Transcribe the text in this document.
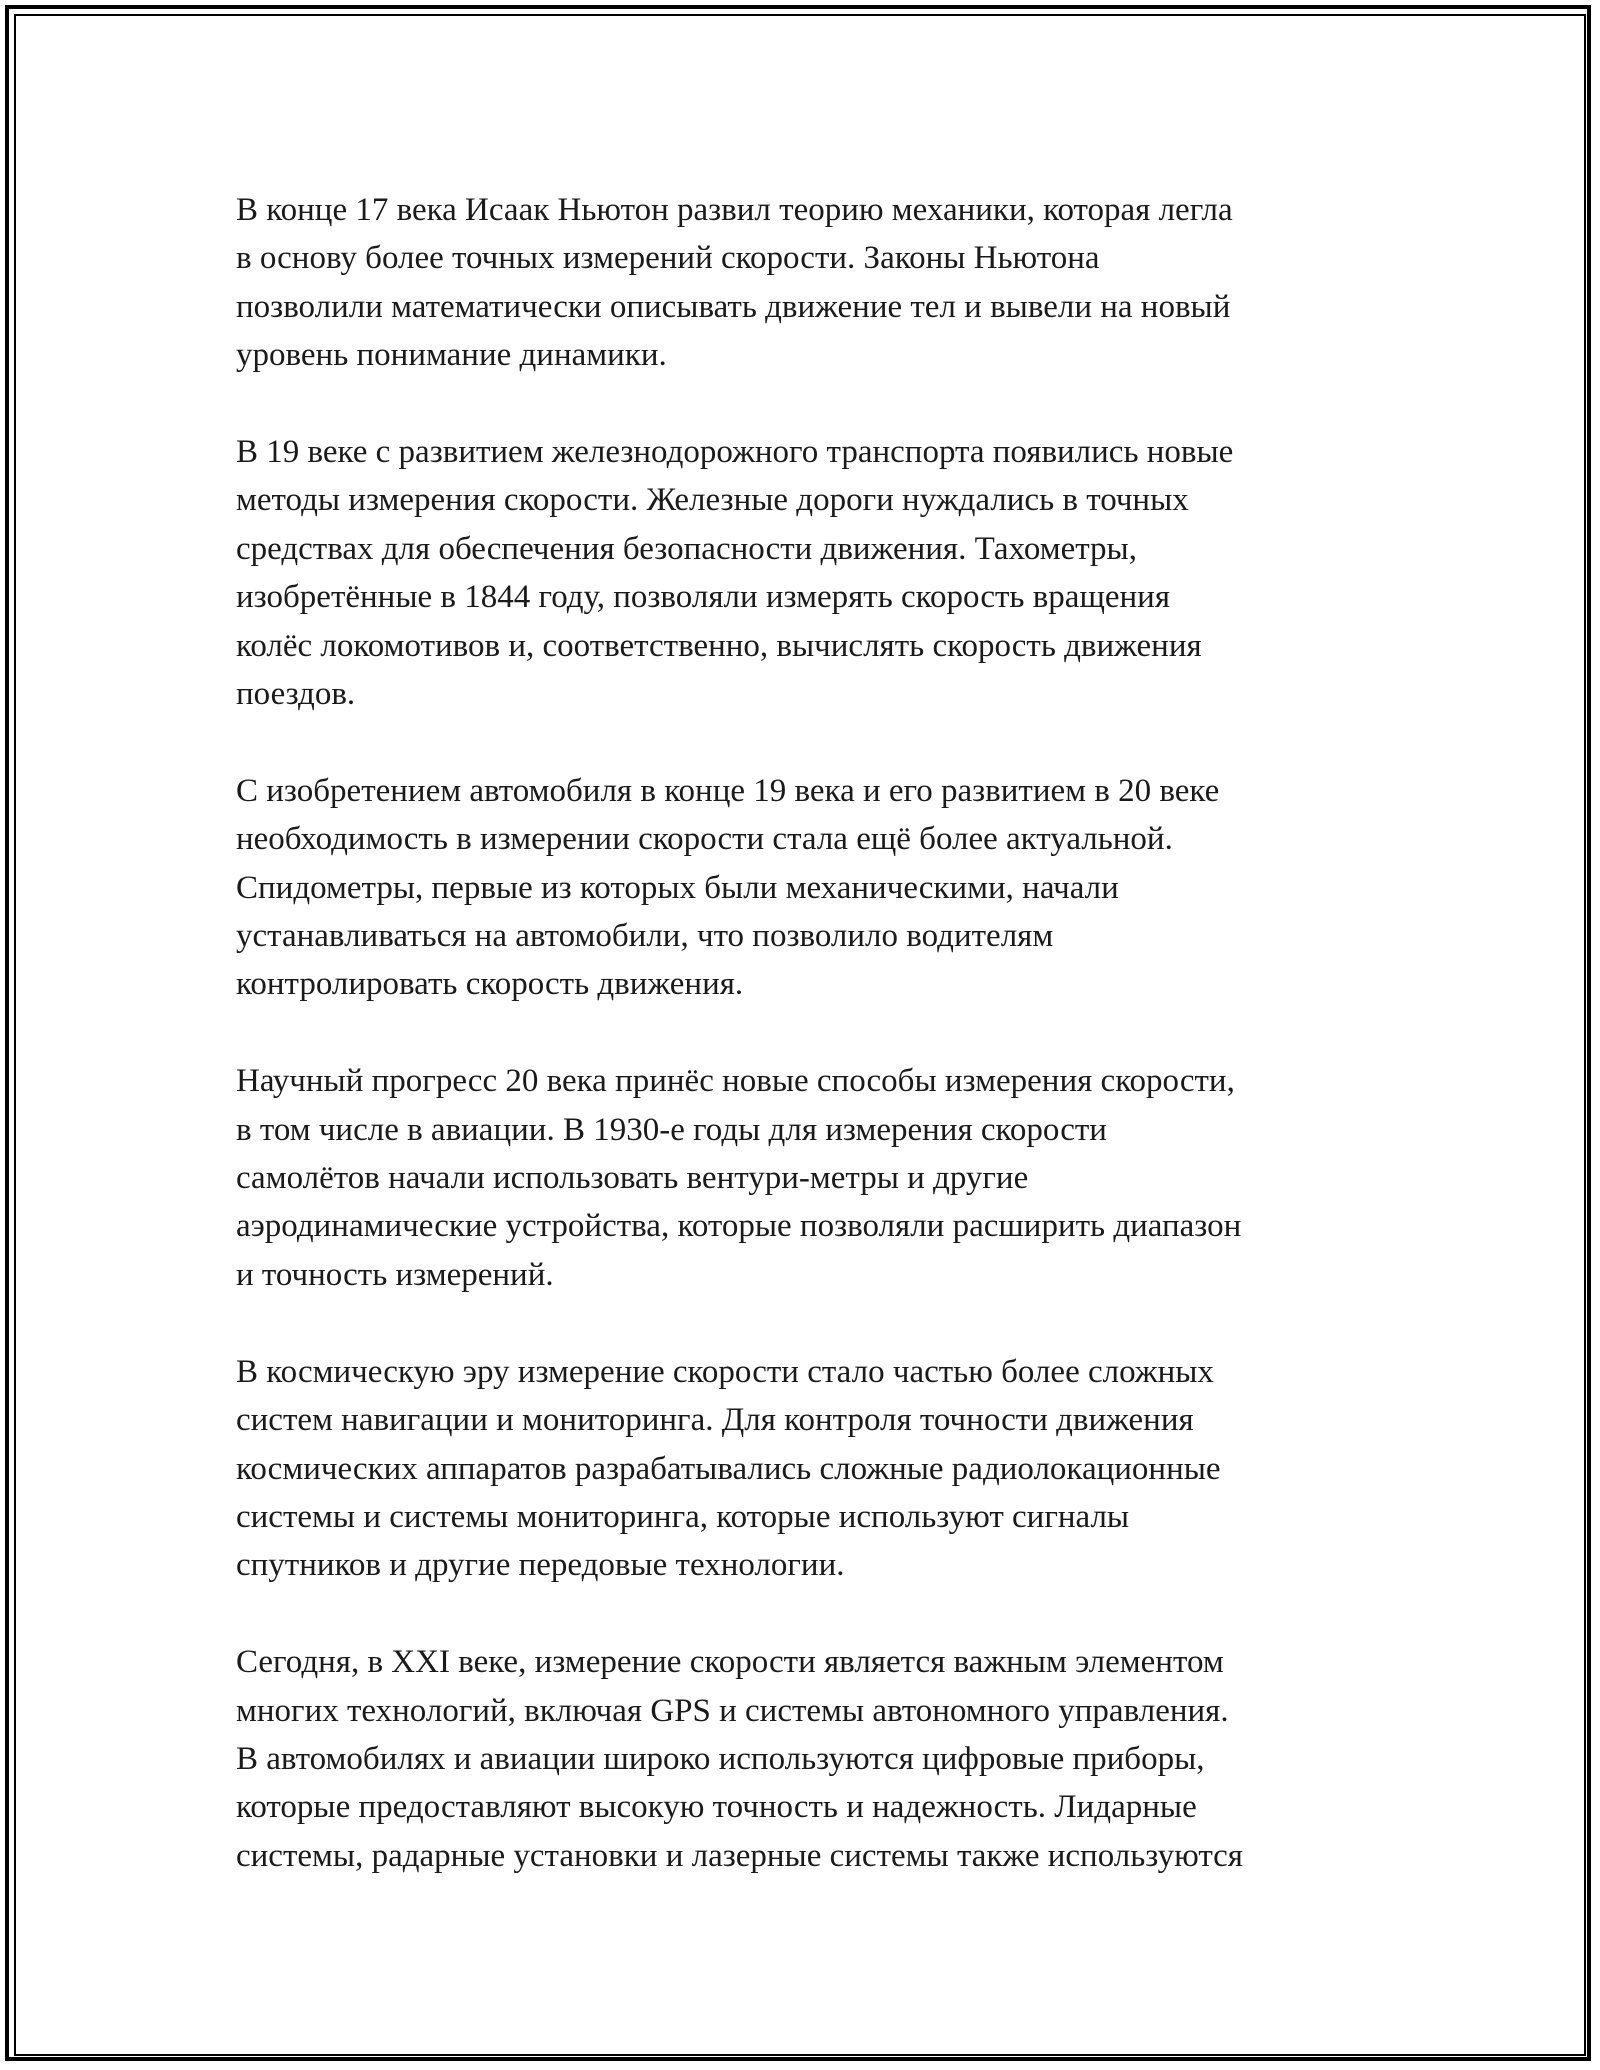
В конце 17 века Исаак Ньютон развил теорию механики, которая легла
в основу более точных измерений скорости. Законы Ньютона
позволили математически описывать движение тел и вывели на новый
уровень понимание динамики.

В 19 веке с развитием железнодорожного транспорта появились новые
методы измерения скорости. Железные дороги нуждались в точных
средствах для обеспечения безопасности движения. Тахометры,
изобретённые в 1844 году, позволяли измерять скорость вращения
колёс локомотивов и, соответственно, вычислять скорость движения
поездов.

С изобретением автомобиля в конце 19 века и его развитием в 20 веке
необходимость в измерении скорости стала ещё более актуальной.
Спидометры, первые из которых были механическими, начали
устанавливаться на автомобили, что позволило водителям
контролировать скорость движения.

Научный прогресс 20 века принёс новые способы измерения скорости,
в том числе в авиации. В 1930-е годы для измерения скорости
самолётов начали использовать вентури-метры и другие
аэродинамические устройства, которые позволяли расширить диапазон
и точность измерений.

В космическую эру измерение скорости стало частью более сложных
систем навигации и мониторинга. Для контроля точности движения
космических аппаратов разрабатывались сложные радиолокационные
системы и системы мониторинга, которые используют сигналы
спутников и другие передовые технологии.

Сегодня, в XXI веке, измерение скорости является важным элементом
многих технологий, включая GPS и системы автономного управления.
В автомобилях и авиации широко используются цифровые приборы,
которые предоставляют высокую точность и надежность. Лидарные
системы, радарные установки и лазерные системы также используются
